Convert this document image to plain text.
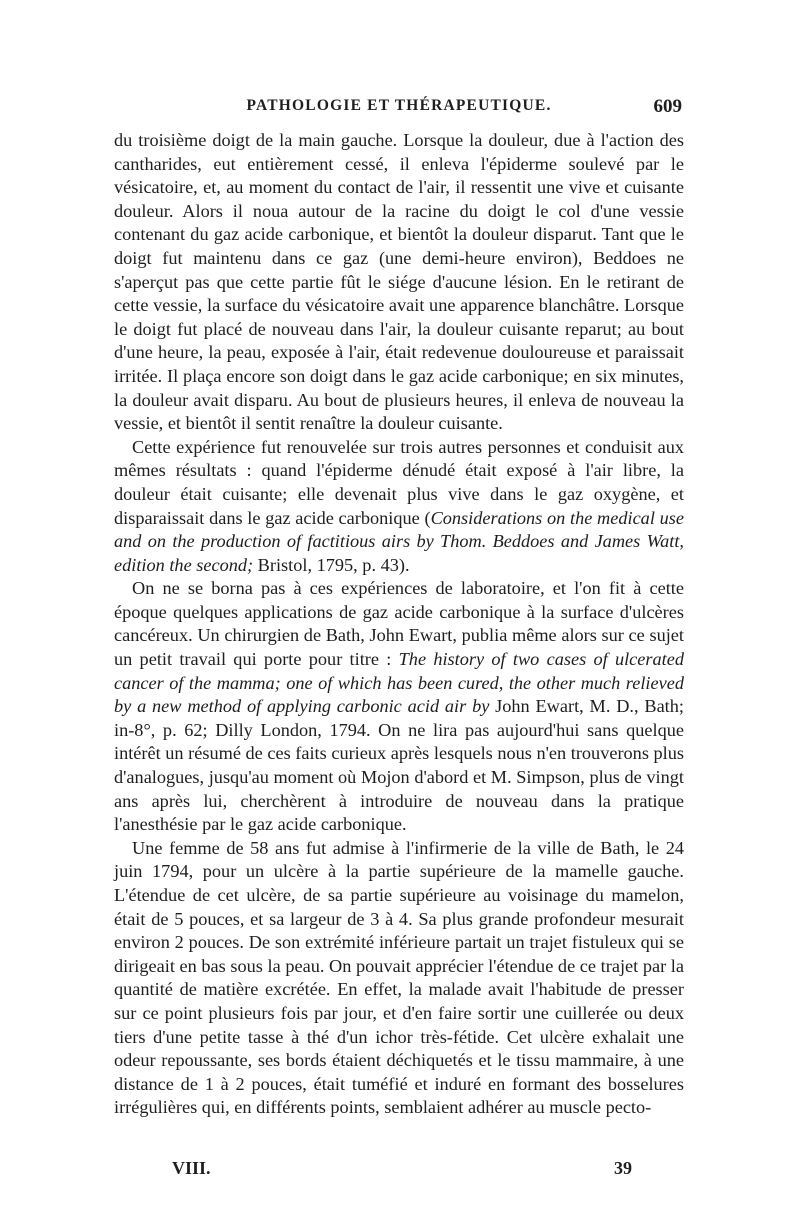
PATHOLOGIE ET THÉRAPEUTIQUE.	609

du troisième doigt de la main gauche. Lorsque la douleur, due à l'action des cantharides, eut entièrement cessé, il enleva l'épiderme soulevé par le vésicatoire, et, au moment du contact de l'air, il ressentit une vive et cuisante douleur. Alors il noua autour de la racine du doigt le col d'une vessie contenant du gaz acide carbonique, et bientôt la douleur disparut. Tant que le doigt fut maintenu dans ce gaz (une demi-heure environ), Beddoes ne s'aperçut pas que cette partie fût le siége d'aucune lésion. En le retirant de cette vessie, la surface du vésicatoire avait une apparence blanchâtre. Lorsque le doigt fut placé de nouveau dans l'air, la douleur cuisante reparut; au bout d'une heure, la peau, exposée à l'air, était redevenue douloureuse et paraissait irritée. Il plaça encore son doigt dans le gaz acide carbonique; en six minutes, la douleur avait disparu. Au bout de plusieurs heures, il enleva de nouveau la vessie, et bientôt il sentit renaître la douleur cuisante.

Cette expérience fut renouvelée sur trois autres personnes et conduisit aux mêmes résultats : quand l'épiderme dénudé était exposé à l'air libre, la douleur était cuisante; elle devenait plus vive dans le gaz oxygène, et disparaissait dans le gaz acide carbonique (Considerations on the medical use and on the production of factitious airs by Thom. Beddoes and James Watt, edition the second; Bristol, 1795, p. 43).

On ne se borna pas à ces expériences de laboratoire, et l'on fit à cette époque quelques applications de gaz acide carbonique à la surface d'ulcères cancéreux. Un chirurgien de Bath, John Ewart, publia même alors sur ce sujet un petit travail qui porte pour titre : The history of two cases of ulcerated cancer of the mamma; one of which has been cured, the other much relieved by a new method of applying carbonic acid air by John Ewart, M. D., Bath; in-8°, p. 62; Dilly London, 1794. On ne lira pas aujourd'hui sans quelque intérêt un résumé de ces faits curieux après lesquels nous n'en trouverons plus d'analogues, jusqu'au moment où Mojon d'abord et M. Simpson, plus de vingt ans après lui, cherchèrent à introduire de nouveau dans la pratique l'anesthésie par le gaz acide carbonique.

Une femme de 58 ans fut admise à l'infirmerie de la ville de Bath, le 24 juin 1794, pour un ulcère à la partie supérieure de la mamelle gauche. L'étendue de cet ulcère, de sa partie supérieure au voisinage du mamelon, était de 5 pouces, et sa largeur de 3 à 4. Sa plus grande profondeur mesurait environ 2 pouces. De son extrémité inférieure partait un trajet fistuleux qui se dirigeait en bas sous la peau. On pouvait apprécier l'étendue de ce trajet par la quantité de matière excrétée. En effet, la malade avait l'habitude de presser sur ce point plusieurs fois par jour, et d'en faire sortir une cuillerée ou deux tiers d'une petite tasse à thé d'un ichor très-fétide. Cet ulcère exhalait une odeur repoussante, ses bords étaient déchiquetés et le tissu mammaire, à une distance de 1 à 2 pouces, était tuméfié et induré en formant des bosselures irrégulières qui, en différents points, semblaient adhérer au muscle pecto-

VIII.	39
